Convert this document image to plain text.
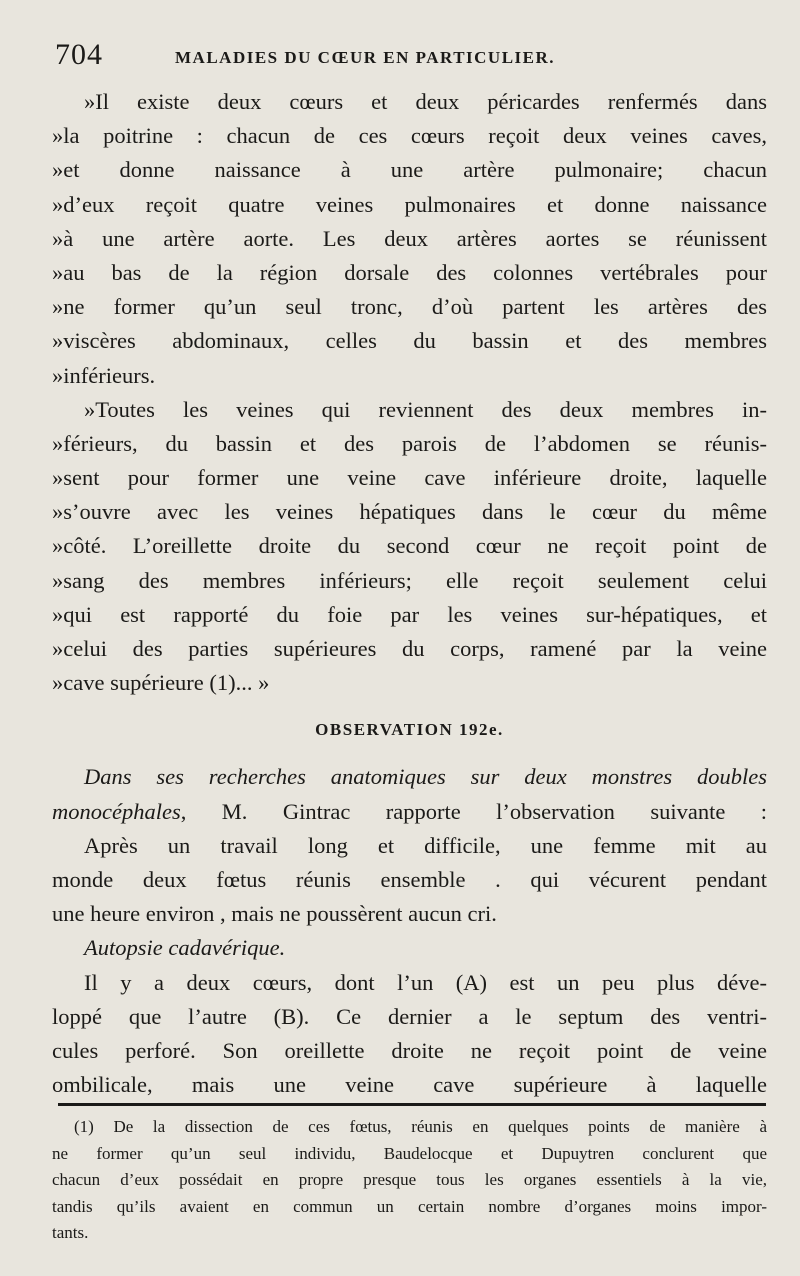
704	MALADIES DU CŒUR EN PARTICULIER.
»Il existe deux cœurs et deux péricardes renfermés dans
»la poitrine : chacun de ces cœurs reçoit deux veines caves,
»et donne naissance à une artère pulmonaire; chacun
»d’eux reçoit quatre veines pulmonaires et donne naissance
»à une artère aorte. Les deux artères aortes se réunissent
»au bas de la région dorsale des colonnes vertébrales pour
»ne former qu’un seul tronc, d’où partent les artères des
»viscères abdominaux, celles du bassin et des membres
»inférieurs.
»Toutes les veines qui reviennent des deux membres in-
»férieurs, du bassin et des parois de l’abdomen se réunis-
»sent pour former une veine cave inférieure droite, laquelle
»s’ouvre avec les veines hépatiques dans le cœur du même
»côté. L’oreillette droite du second cœur ne reçoit point de
»sang des membres inférieurs; elle reçoit seulement celui
»qui est rapporté du foie par les veines sur-hépatiques, et
»celui des parties supérieures du corps, ramené par la veine
»cave supérieure (1)... »
OBSERVATION 192e.
Dans ses recherches anatomiques sur deux monstres doubles
monocéphales, M. Gintrac rapporte l’observation suivante :
Après un travail long et difficile, une femme mit au
monde deux fœtus réunis ensemble . qui vécurent pendant
une heure environ , mais ne poussèrent aucun cri.
Autopsie cadavérique.
Il y a deux cœurs, dont l’un (A) est un peu plus déve-
loppé que l’autre (B). Ce dernier a le septum des ventri-
cules perforé. Son oreillette droite ne reçoit point de veine
ombilicale, mais une veine cave supérieure à laquelle
(1) De la dissection de ces fœtus, réunis en quelques points de manière à
ne former qu’un seul individu, Baudelocque et Dupuytren conclurent que
chacun d’eux possédait en propre presque tous les organes essentiels à la vie,
tandis qu’ils avaient en commun un certain nombre d’organes moins impor-
tants.
